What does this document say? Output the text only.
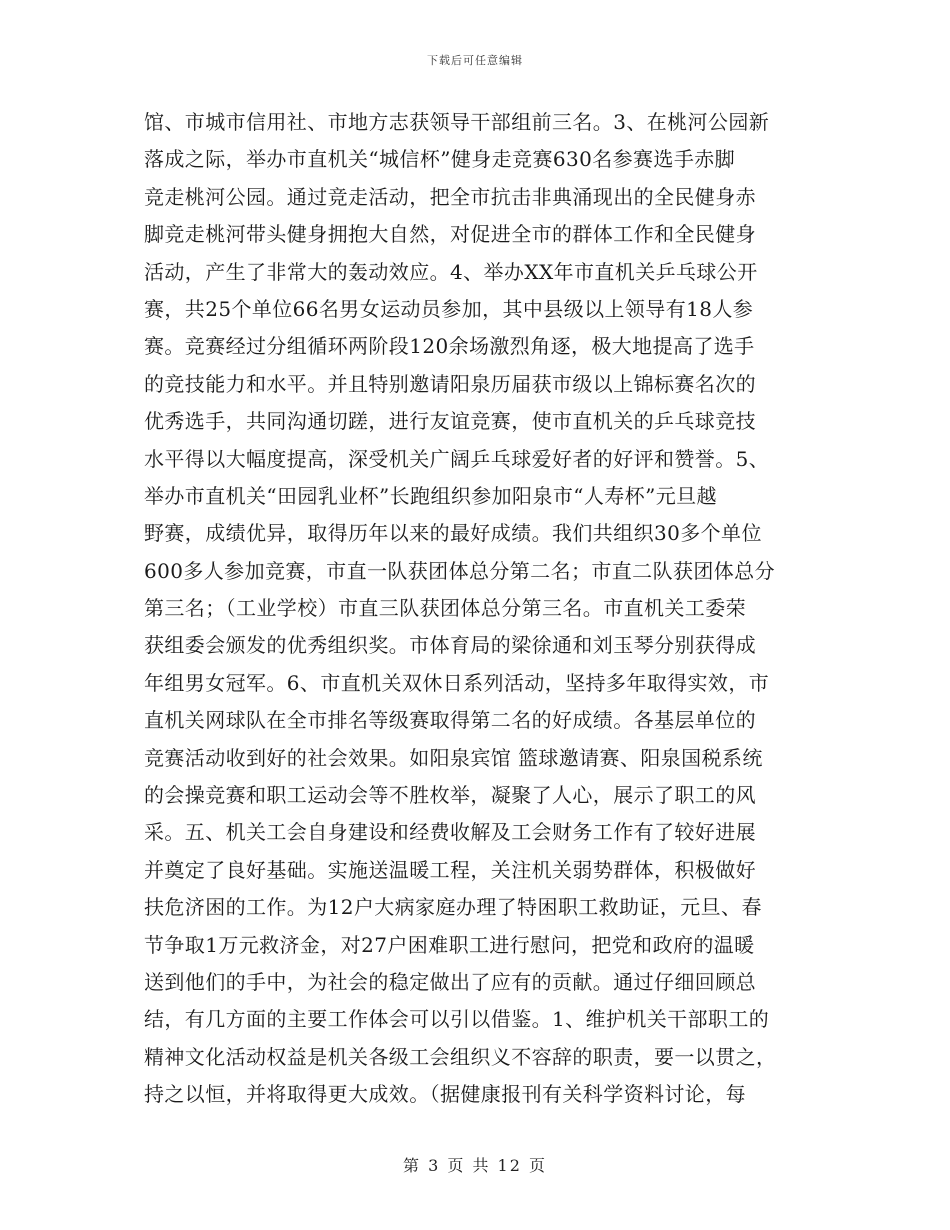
下载后可任意编辑
馆、市城市信用社、市地方志获领导干部组前三名。3、在桃河公园新
落成之际，举办市直机关“城信杯”健身走竞赛630名参赛选手赤脚
竞走桃河公园。通过竞走活动，把全市抗击非典涌现出的全民健身赤
脚竞走桃河带头健身拥抱大自然，对促进全市的群体工作和全民健身
活动，产生了非常大的轰动效应。4、举办XX年市直机关乒乓球公开
赛，共25个单位66名男女运动员参加，其中县级以上领导有18人参
赛。竞赛经过分组循环两阶段120余场激烈角逐，极大地提高了选手
的竞技能力和水平。并且特别邀请阳泉历届获市级以上锦标赛名次的
优秀选手，共同沟通切蹉，进行友谊竞赛，使市直机关的乒乓球竞技
水平得以大幅度提高，深受机关广阔乒乓球爱好者的好评和赞誉。5、
举办市直机关“田园乳业杯”长跑组织参加阳泉市“人寿杯”元旦越
野赛，成绩优异，取得历年以来的最好成绩。我们共组织30多个单位
600多人参加竞赛，市直一队获团体总分第二名；市直二队获团体总分
第三名；（工业学校）市直三队获团体总分第三名。市直机关工委荣
获组委会颁发的优秀组织奖。市体育局的梁徐通和刘玉琴分别获得成
年组男女冠军。6、市直机关双休日系列活动，坚持多年取得实效，市
直机关网球队在全市排名等级赛取得第二名的好成绩。各基层单位的
竞赛活动收到好的社会效果。如阳泉宾馆 篮球邀请赛、阳泉国税系统
的会操竞赛和职工运动会等不胜枚举，凝聚了人心，展示了职工的风
采。五、机关工会自身建设和经费收解及工会财务工作有了较好进展
并奠定了良好基础。实施送温暖工程，关注机关弱势群体，积极做好
扶危济困的工作。为12户大病家庭办理了特困职工救助证，元旦、春
节争取1万元救济金，对27户困难职工进行慰问，把党和政府的温暖
送到他们的手中，为社会的稳定做出了应有的贡献。通过仔细回顾总
结，有几方面的主要工作体会可以引以借鉴。1、维护机关干部职工的
精神文化活动权益是机关各级工会组织义不容辞的职责，要一以贯之，
持之以恒，并将取得更大成效。（据健康报刊有关科学资料讨论，每
第 3 页 共 12 页
